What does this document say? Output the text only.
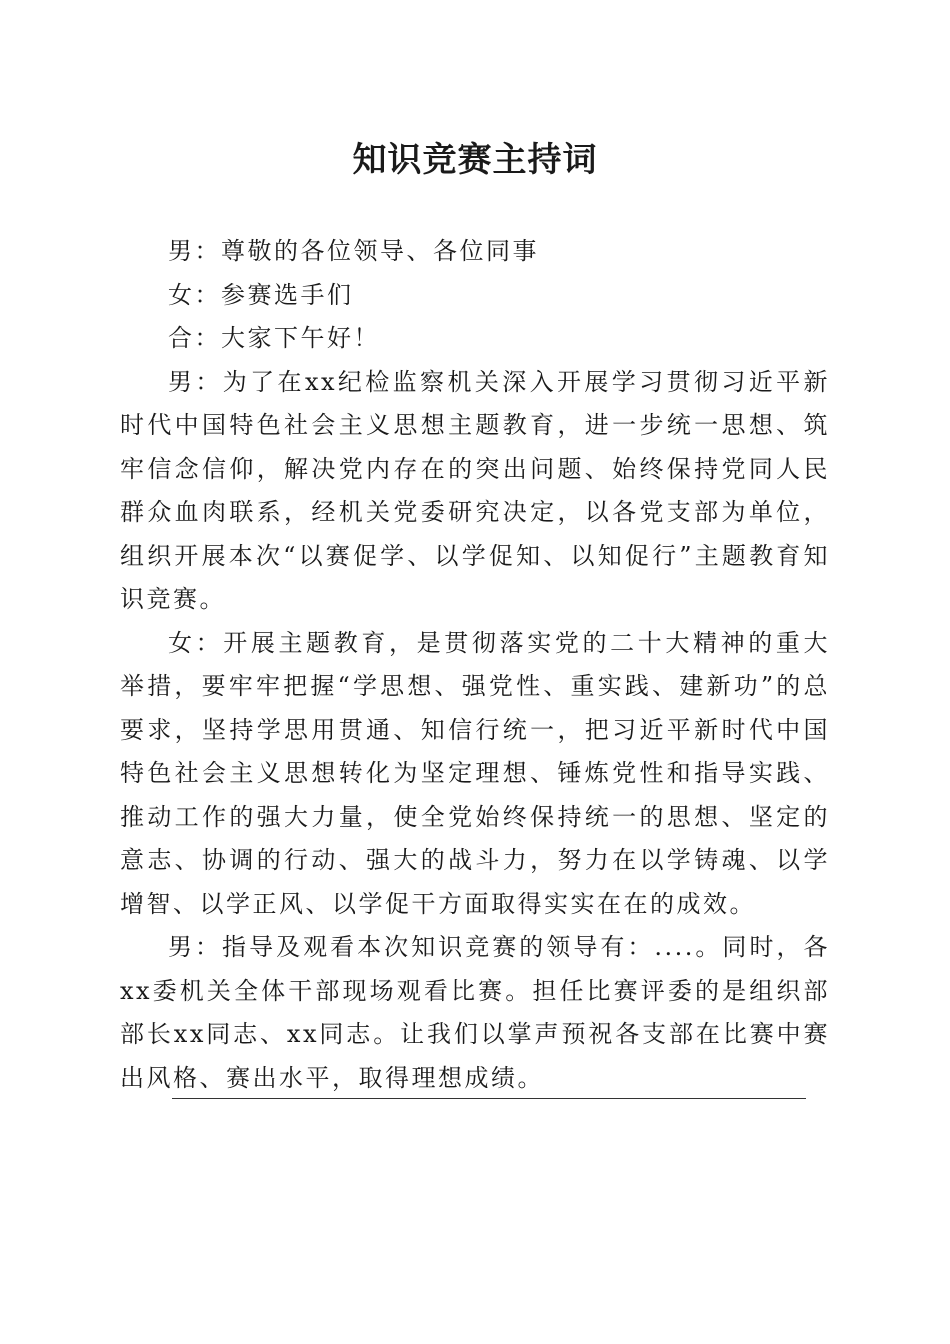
知识竞赛主持词

男：尊敬的各位领导、各位同事

女：参赛选手们

合：大家下午好！

男：为了在xx纪检监察机关深入开展学习贯彻习近平新时代中国特色社会主义思想主题教育，进一步统一思想、筑牢信念信仰，解决党内存在的突出问题、始终保持党同人民群众血肉联系，经机关党委研究决定，以各党支部为单位，组织开展本次“以赛促学、以学促知、以知促行”主题教育知识竞赛。

女：开展主题教育，是贯彻落实党的二十大精神的重大举措，要牢牢把握“学思想、强党性、重实践、建新功”的总要求，坚持学思用贯通、知信行统一，把习近平新时代中国特色社会主义思想转化为坚定理想、锤炼党性和指导实践、推动工作的强大力量，使全党始终保持统一的思想、坚定的意志、协调的行动、强大的战斗力，努力在以学铸魂、以学增智、以学正风、以学促干方面取得实实在在的成效。

男：指导及观看本次知识竞赛的领导有：....。同时，各xx委机关全体干部现场观看比赛。担任比赛评委的是组织部部长xx同志、xx同志。让我们以掌声预祝各支部在比赛中赛出风格、赛出水平，取得理想成绩。
